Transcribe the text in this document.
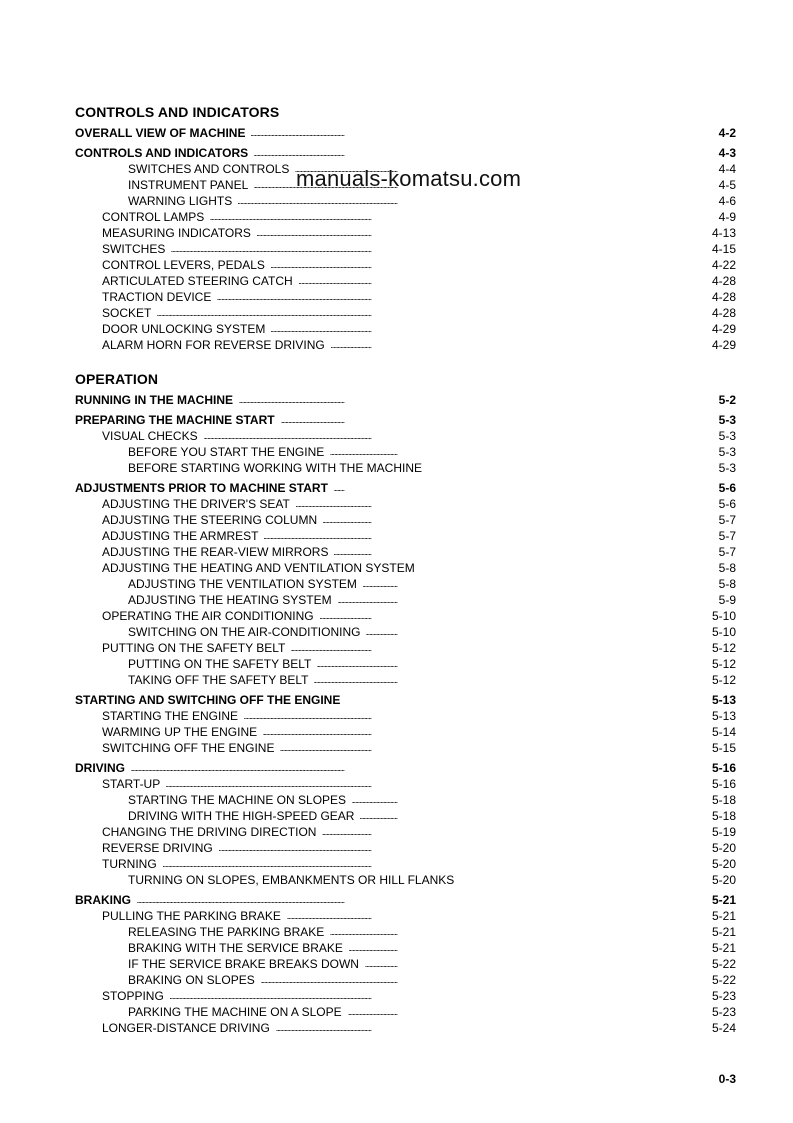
manuals-komatsu.com
0-3
CONTROLS AND INDICATORS
. . .
OVERALL VIEW OF MACHINE	4-2
. . .
CONTROLS AND INDICATORS	4-3
. . .
SWITCHES AND CONTROLS	4-4
. . .
INSTRUMENT PANEL	4-5
. . .
WARNING LIGHTS	4-6
. . .
CONTROL LAMPS	4-9
. . .
MEASURING INDICATORS	4-13
. . .
SWITCHES	4-15
. . .
CONTROL LEVERS, PEDALS	4-22
. . .
ARTICULATED STEERING CATCH	4-28
. . .
TRACTION DEVICE	4-28
. . .
SOCKET	4-28
. . .
DOOR UNLOCKING SYSTEM	4-29
. . .
ALARM HORN FOR REVERSE DRIVING	4-29
OPERATION
. . .
RUNNING IN THE MACHINE	5-2
. . .
PREPARING THE MACHINE START	5-3
. . .
VISUAL CHECKS	5-3
. . .
BEFORE YOU START THE ENGINE	5-3
. . .
BEFORE STARTING WORKING WITH THE MACHINE	5-3
. . .
ADJUSTMENTS PRIOR TO MACHINE START	5-6
. . .
ADJUSTING THE DRIVER'S SEAT	5-6
. . .
ADJUSTING THE STEERING COLUMN	5-7
. . .
ADJUSTING THE ARMREST	5-7
. . .
ADJUSTING THE REAR-VIEW MIRRORS	5-7
. . .
ADJUSTING THE HEATING AND VENTILATION SYSTEM	5-8
. . .
ADJUSTING THE VENTILATION SYSTEM	5-8
. . .
ADJUSTING THE HEATING SYSTEM	5-9
. . .
OPERATING THE AIR CONDITIONING	5-10
. . .
SWITCHING ON THE AIR-CONDITIONING	5-10
. . .
PUTTING ON THE SAFETY BELT	5-12
. . .
PUTTING ON THE SAFETY BELT	5-12
. . .
TAKING OFF THE SAFETY BELT	5-12
. . .
STARTING AND SWITCHING OFF THE ENGINE	5-13
. . .
STARTING THE ENGINE	5-13
. . .
WARMING UP THE ENGINE	5-14
. . .
SWITCHING OFF THE ENGINE	5-15
. . .
DRIVING	5-16
. . .
START-UP	5-16
. . .
STARTING THE MACHINE ON SLOPES	5-18
. . .
DRIVING WITH THE HIGH-SPEED GEAR	5-18
. . .
CHANGING THE DRIVING DIRECTION	5-19
. . .
REVERSE DRIVING	5-20
. . .
TURNING	5-20
. . .
TURNING ON SLOPES, EMBANKMENTS OR HILL FLANKS	5-20
. . .
BRAKING	5-21
. . .
PULLING THE PARKING BRAKE	5-21
. . .
RELEASING THE PARKING BRAKE	5-21
. . .
BRAKING WITH THE SERVICE BRAKE	5-21
. . .
IF THE SERVICE BRAKE BREAKS DOWN	5-22
. . .
BRAKING ON SLOPES	5-22
. . .
STOPPING	5-23
. . .
PARKING THE MACHINE ON A SLOPE	5-23
. . .
LONGER-DISTANCE DRIVING	5-24
